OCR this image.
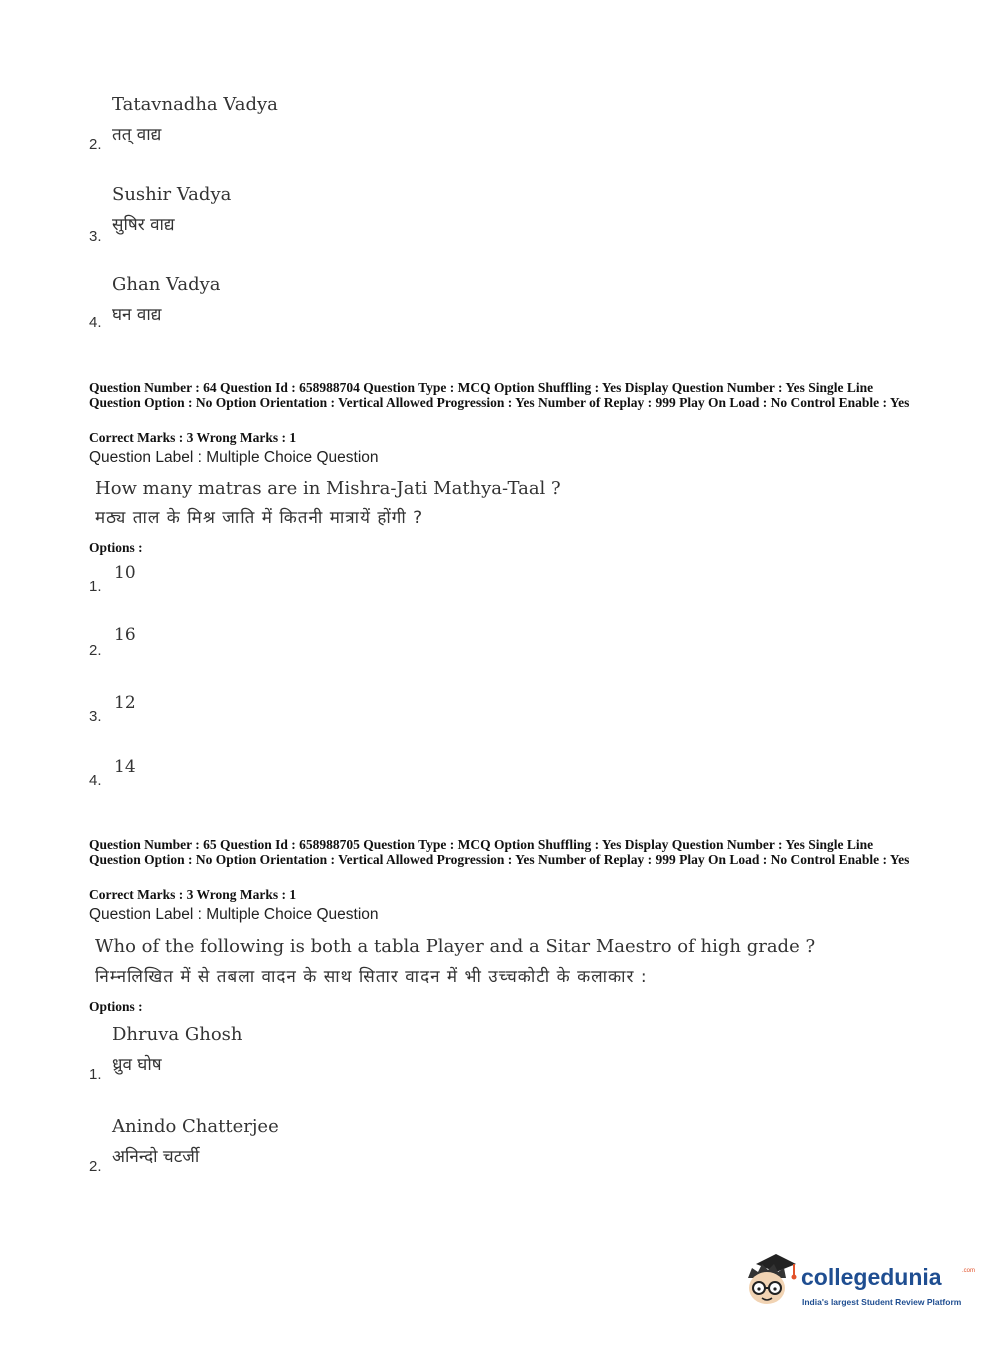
Tatavnadha Vadya
तत् वाद्य
2.
Sushir Vadya
सुषिर वाद्य
3.
Ghan Vadya
घन वाद्य
4.
Question Number : 64 Question Id : 658988704 Question Type : MCQ Option Shuffling : Yes Display Question Number : Yes Single Line Question Option : No Option Orientation : Vertical Allowed Progression : Yes Number of Replay : 999 Play On Load : No Control Enable : Yes
Correct Marks : 3 Wrong Marks : 1
Question Label : Multiple Choice Question
How many matras are in Mishra-Jati Mathya-Taal ?
मठ्य ताल के मिश्र जाति में कितनी मात्रायें होंगी ?
Options :
10
1.
16
2.
12
3.
14
4.
Question Number : 65 Question Id : 658988705 Question Type : MCQ Option Shuffling : Yes Display Question Number : Yes Single Line Question Option : No Option Orientation : Vertical Allowed Progression : Yes Number of Replay : 999 Play On Load : No Control Enable : Yes
Correct Marks : 3 Wrong Marks : 1
Question Label : Multiple Choice Question
Who of the following is both a tabla Player and a Sitar Maestro of high grade ?
निम्नलिखित में से तबला वादन के साथ सितार वादन में भी उच्चकोटी के कलाकार :
Options :
Dhruva Ghosh
ध्रुव घोष
1.
Anindo Chatterjee
अनिन्दो चटर्जी
2.
collegedunia	.com
India's largest Student Review Platform
